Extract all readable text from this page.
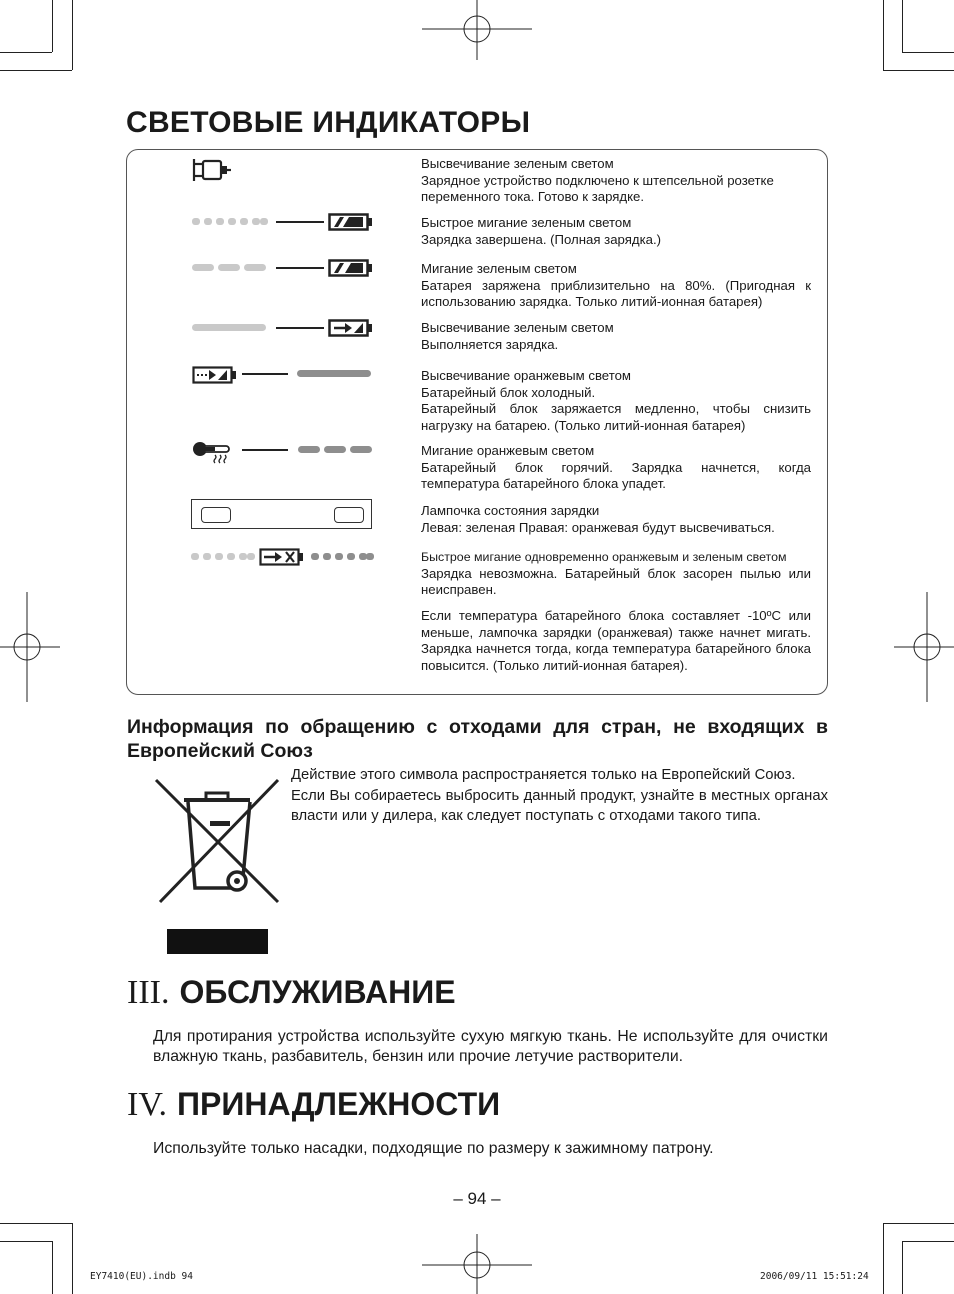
СВЕТОВЫЕ ИНДИКАТОРЫ

Высвечивание зеленым светом

Зарядное устройство подключено к штепсельной розетке переменного тока. Готово к зарядке.

Быстрое мигание зеленым светом

Зарядка завершена. (Полная зарядка.)

Мигание зеленым светом

Батарея заряжена приблизительно на 80%. (Пригодная к использованию зарядка. Только литий-ионная батарея)

Высвечивание зеленым светом

Выполняется зарядка.

Высвечивание оранжевым светом

Батарейный блок холодный.

Батарейный блок заряжается медленно, чтобы снизить нагрузку на батарею. (Только литий-ионная батарея)

Мигание оранжевым светом

Батарейный блок горячий. Зарядка начнется, когда температура батарейного блока упадет.

Лампочка состояния зарядки

Левая: зеленая Правая: оранжевая будут высвечиваться.

Быстрое мигание одновременно оранжевым и зеленым светом

Зарядка невозможна. Батарейный блок засорен пылью или неисправен.

Если температура батарейного блока составляет -10ºC или меньше, лампочка зарядки (оранжевая) также начнет мигать. Зарядка начнется тогда, когда температура батарейного блока повысится. (Только литий-ионная батарея).

Информация по обращению с отходами для стран, не входящих в Европейский Союз

Действие этого символа распространяется только на Европейский Союз.

Если Вы собираетесь выбросить данный продукт, узнайте в местных органах власти или у дилера, как следует поступать с отходами такого типа.

III. ОБСЛУЖИВАНИЕ
Для протирания устройства используйте сухую мягкую ткань. Не используйте для очистки влажную ткань, разбавитель, бензин или прочие летучие растворители.
IV. ПРИНАДЛЕЖНОСТИ
Используйте только насадки, подходящие по размеру к зажимному патрону.
– 94 –
EY7410(EU).indb 94	2006/09/11 15:51:24
